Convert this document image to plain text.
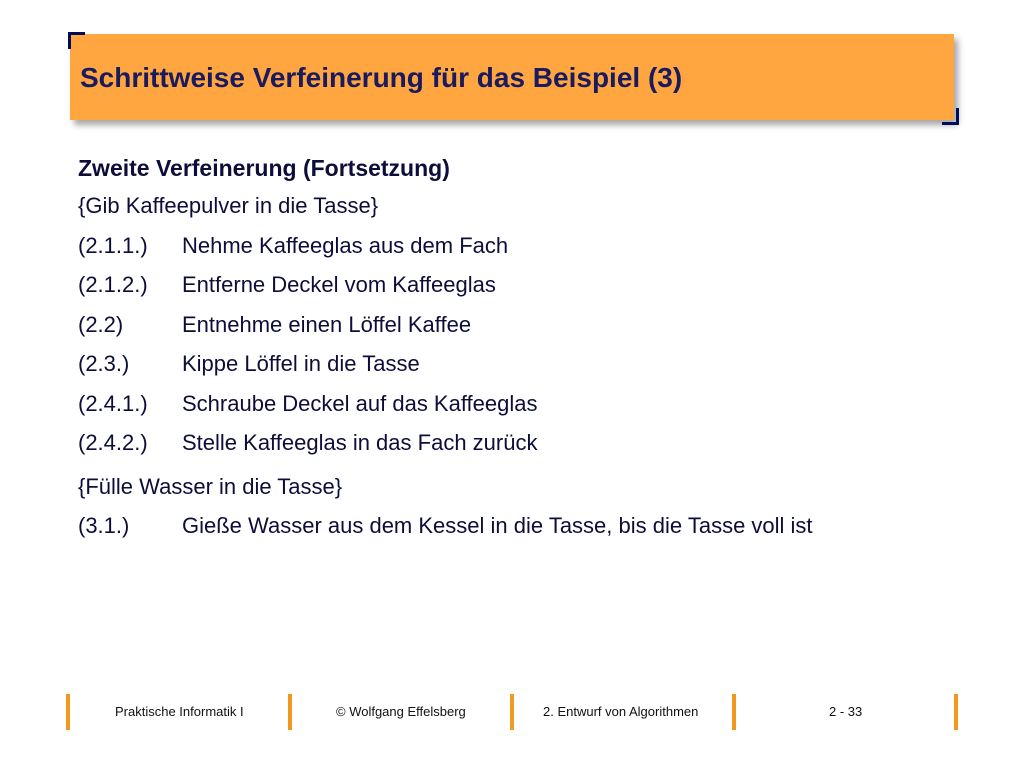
Schrittweise Verfeinerung für das Beispiel (3)
Zweite Verfeinerung (Fortsetzung)
{Gib Kaffeepulver in die Tasse}
(2.1.1.) Nehme Kaffeeglas aus dem Fach
(2.1.2.) Entferne Deckel vom Kaffeeglas
(2.2)	Entnehme einen Löffel Kaffee
(2.3.) Kippe Löffel in die Tasse
(2.4.1.) Schraube Deckel auf das Kaffeeglas
(2.4.2.) Stelle Kaffeeglas in das Fach zurück
{Fülle Wasser in die Tasse}
(3.1.) Gieße Wasser aus dem Kessel in die Tasse, bis die Tasse voll ist
Praktische Informatik I	© Wolfgang Effelsberg	2. Entwurf von Algorithmen	2 - 33
